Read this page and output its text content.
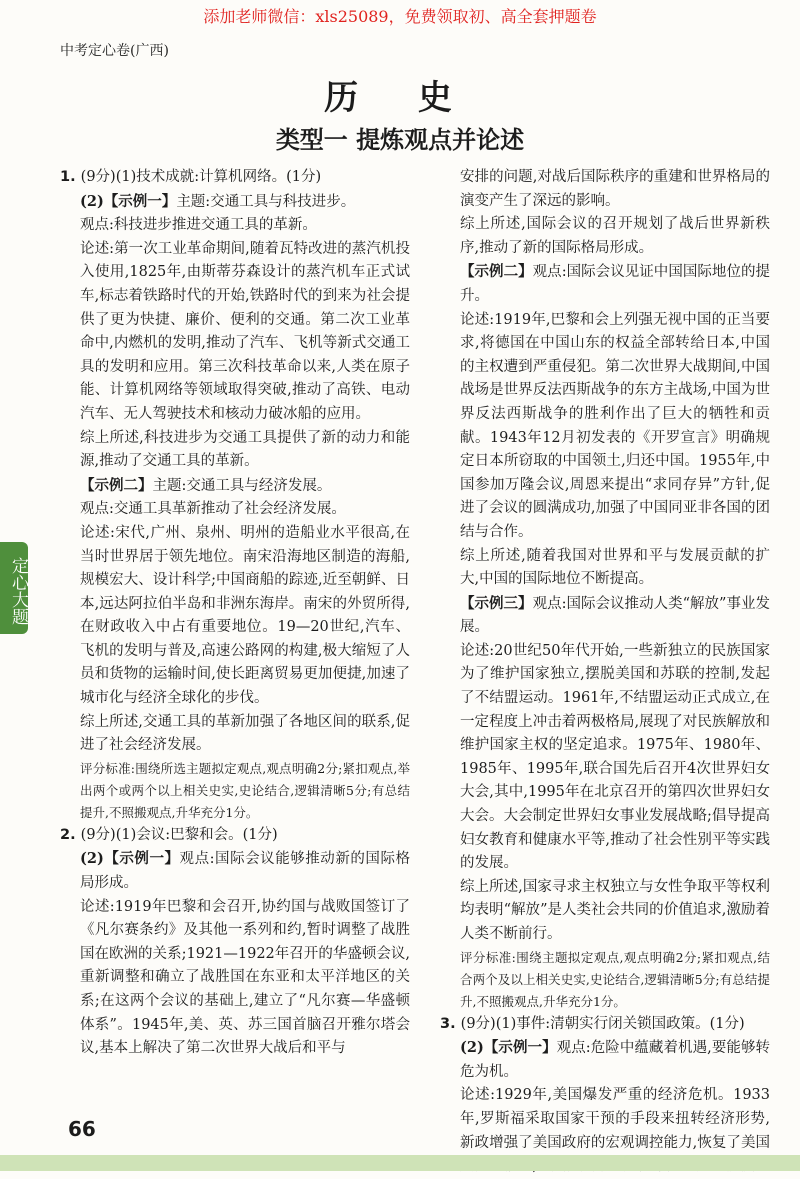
添加老师微信：xls25089，免费领取初、高全套押题卷
中考定心卷(广西)
历 史
类型一 提炼观点并论述
定心大题

1. (9分)(1)技术成就:计算机网络。(1分)

(2)【示例一】主题:交通工具与科技进步。

观点:科技进步推进交通工具的革新。

论述:第一次工业革命期间,随着瓦特改进的蒸汽机投入使用,1825年,由斯蒂芬森设计的蒸汽机车正式试车,标志着铁路时代的开始,铁路时代的到来为社会提供了更为快捷、廉价、便利的交通。第二次工业革命中,内燃机的发明,推动了汽车、飞机等新式交通工具的发明和应用。第三次科技革命以来,人类在原子能、计算机网络等领域取得突破,推动了高铁、电动汽车、无人驾驶技术和核动力破冰船的应用。

综上所述,科技进步为交通工具提供了新的动力和能源,推动了交通工具的革新。

【示例二】主题:交通工具与经济发展。

观点:交通工具革新推动了社会经济发展。

论述:宋代,广州、泉州、明州的造船业水平很高,在当时世界居于领先地位。南宋沿海地区制造的海船,规模宏大、设计科学;中国商船的踪迹,近至朝鲜、日本,远达阿拉伯半岛和非洲东海岸。南宋的外贸所得,在财政收入中占有重要地位。19—20世纪,汽车、飞机的发明与普及,高速公路网的构建,极大缩短了人员和货物的运输时间,使长距离贸易更加便捷,加速了城市化与经济全球化的步伐。

综上所述,交通工具的革新加强了各地区间的联系,促进了社会经济发展。

评分标准:围绕所选主题拟定观点,观点明确2分;紧扣观点,举出两个或两个以上相关史实,史论结合,逻辑清晰5分;有总结提升,不照搬观点,升华充分1分。

2. (9分)(1)会议:巴黎和会。(1分)

(2)【示例一】观点:国际会议能够推动新的国际格局形成。

论述:1919年巴黎和会召开,协约国与战败国签订了《凡尔赛条约》及其他一系列和约,暂时调整了战胜国在欧洲的关系;1921—1922年召开的华盛顿会议,重新调整和确立了战胜国在东亚和太平洋地区的关系;在这两个会议的基础上,建立了“凡尔赛—华盛顿体系”。1945年,美、英、苏三国首脑召开雅尔塔会议,基本上解决了第二次世界大战后和平与

安排的问题,对战后国际秩序的重建和世界格局的演变产生了深远的影响。

综上所述,国际会议的召开规划了战后世界新秩序,推动了新的国际格局形成。

【示例二】观点:国际会议见证中国国际地位的提升。

论述:1919年,巴黎和会上列强无视中国的正当要求,将德国在中国山东的权益全部转给日本,中国的主权遭到严重侵犯。第二次世界大战期间,中国战场是世界反法西斯战争的东方主战场,中国为世界反法西斯战争的胜利作出了巨大的牺牲和贡献。1943年12月初发表的《开罗宣言》明确规定日本所窃取的中国领土,归还中国。1955年,中国参加万隆会议,周恩来提出“求同存异”方针,促进了会议的圆满成功,加强了中国同亚非各国的团结与合作。

综上所述,随着我国对世界和平与发展贡献的扩大,中国的国际地位不断提高。

【示例三】观点:国际会议推动人类“解放”事业发展。

论述:20世纪50年代开始,一些新独立的民族国家为了维护国家独立,摆脱美国和苏联的控制,发起了不结盟运动。1961年,不结盟运动正式成立,在一定程度上冲击着两极格局,展现了对民族解放和维护国家主权的坚定追求。1975年、1980年、1985年、1995年,联合国先后召开4次世界妇女大会,其中,1995年在北京召开的第四次世界妇女大会。大会制定世界妇女事业发展战略;倡导提高妇女教育和健康水平等,推动了社会性别平等实践的发展。

综上所述,国家寻求主权独立与女性争取平等权利均表明“解放”是人类社会共同的价值追求,激励着人类不断前行。

评分标准:围绕主题拟定观点,观点明确2分;紧扣观点,结合两个及以上相关史实,史论结合,逻辑清晰5分;有总结提升,不照搬观点,升华充分1分。

3. (9分)(1)事件:清朝实行闭关锁国政策。(1分)

(2)【示例一】观点:危险中蕴藏着机遇,要能够转危为机。

论述:1929年,美国爆发严重的经济危机。1933年,罗斯福采取国家干预的手段来扭转经济形势,新政增强了美国政府的宏观调控能力,恢复了美国

66
